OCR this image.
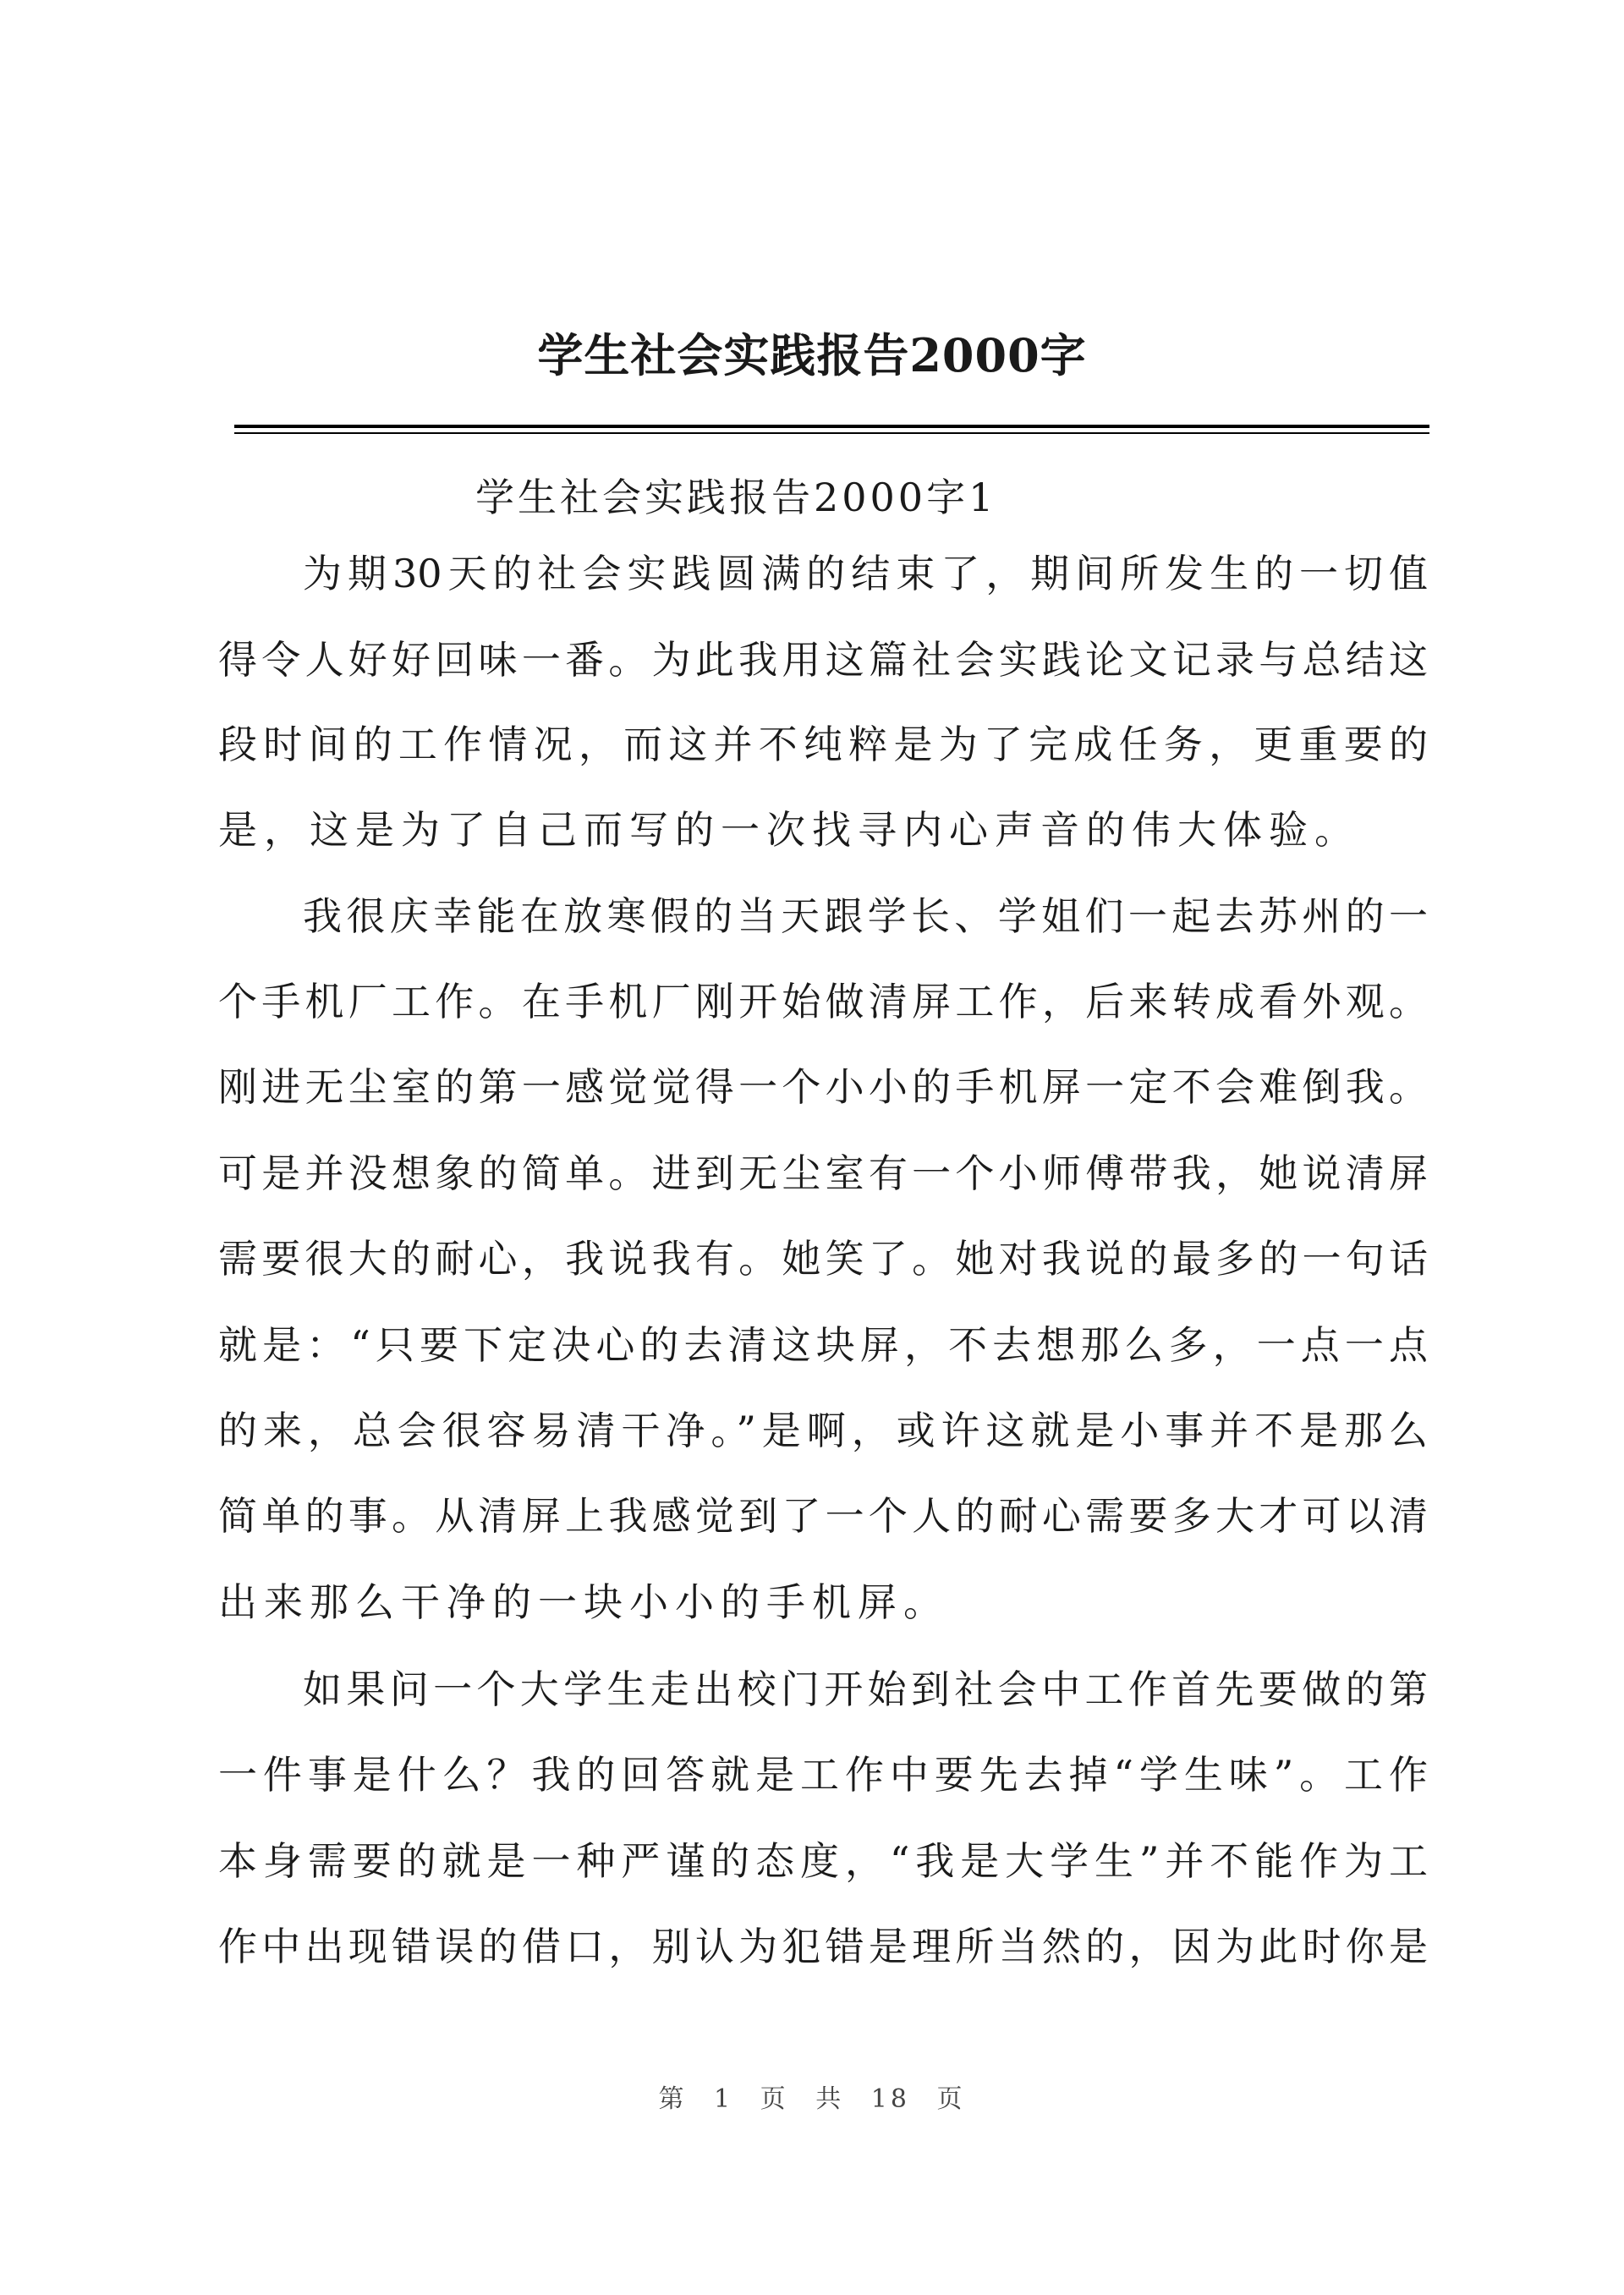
学生社会实践报告2000字
学生社会实践报告2000字1
为期30天的社会实践圆满的结束了，期间所发生的一切值
得令人好好回味一番。为此我用这篇社会实践论文记录与总结这
段时间的工作情况，而这并不纯粹是为了完成任务，更重要的
是，这是为了自己而写的一次找寻内心声音的伟大体验。
我很庆幸能在放寒假的当天跟学长、学姐们一起去苏州的一
个手机厂工作。在手机厂刚开始做清屏工作，后来转成看外观。
刚进无尘室的第一感觉觉得一个小小的手机屏一定不会难倒我。
可是并没想象的简单。进到无尘室有一个小师傅带我，她说清屏
需要很大的耐心，我说我有。她笑了。她对我说的最多的一句话
就是：“只要下定决心的去清这块屏，不去想那么多，一点一点
的来，总会很容易清干净。”是啊，或许这就是小事并不是那么
简单的事。从清屏上我感觉到了一个人的耐心需要多大才可以清
出来那么干净的一块小小的手机屏。
如果问一个大学生走出校门开始到社会中工作首先要做的第
一件事是什么？我的回答就是工作中要先去掉“学生味”。工作
本身需要的就是一种严谨的态度，“我是大学生”并不能作为工
作中出现错误的借口，别认为犯错是理所当然的，因为此时你是
第 1 页 共 18 页
